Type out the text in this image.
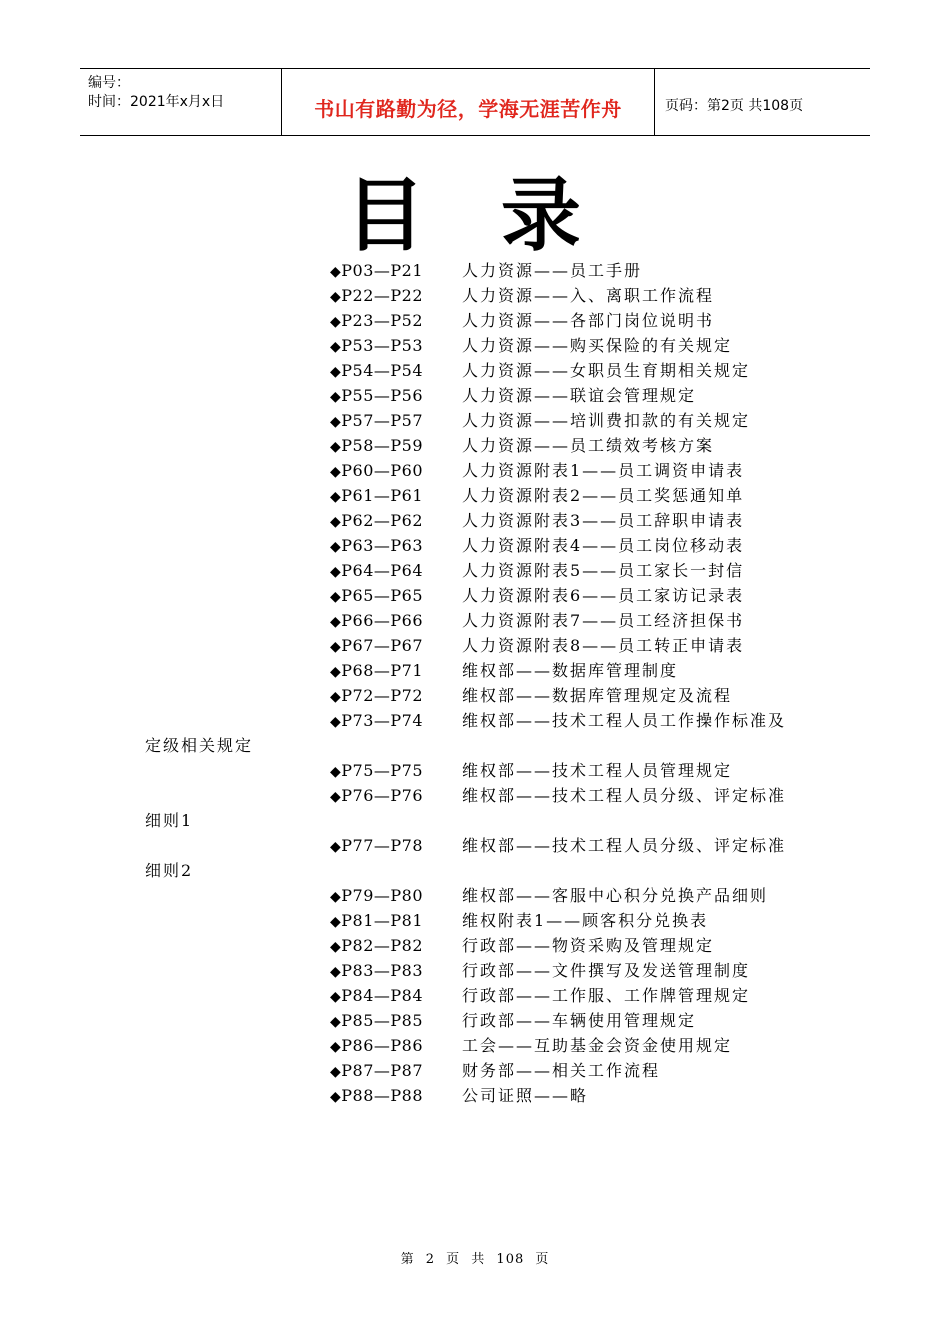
编号：
时间：2021年x月x日	书山有路勤为径，学海无涯苦作舟	页码：第2页 共108页
目 录
◆P03—P21 人力资源——员工手册
◆P22—P22 人力资源——入、离职工作流程
◆P23—P52 人力资源——各部门岗位说明书
◆P53—P53 人力资源——购买保险的有关规定
◆P54—P54 人力资源——女职员生育期相关规定
◆P55—P56 人力资源——联谊会管理规定
◆P57—P57 人力资源——培训费扣款的有关规定
◆P58—P59 人力资源——员工绩效考核方案
◆P60—P60 人力资源附表1——员工调资申请表
◆P61—P61 人力资源附表2——员工奖惩通知单
◆P62—P62 人力资源附表3——员工辞职申请表
◆P63—P63 人力资源附表4——员工岗位移动表
◆P64—P64 人力资源附表5——员工家长一封信
◆P65—P65 人力资源附表6——员工家访记录表
◆P66—P66 人力资源附表7——员工经济担保书
◆P67—P67 人力资源附表8——员工转正申请表
◆P68—P71 维权部——数据库管理制度
◆P72—P72 维权部——数据库管理规定及流程
◆P73—P74 维权部——技术工程人员工作操作标准及
定级相关规定
◆P75—P75 维权部——技术工程人员管理规定
◆P76—P76 维权部——技术工程人员分级、评定标准
细则1
◆P77—P78 维权部——技术工程人员分级、评定标准
细则2
◆P79—P80 维权部——客服中心积分兑换产品细则
◆P81—P81 维权附表1——顾客积分兑换表
◆P82—P82 行政部——物资采购及管理规定
◆P83—P83 行政部——文件撰写及发送管理制度
◆P84—P84 行政部——工作服、工作牌管理规定
◆P85—P85 行政部——车辆使用管理规定
◆P86—P86 工会——互助基金会资金使用规定
◆P87—P87 财务部——相关工作流程
◆P88—P88 公司证照——略
第 2 页 共 108 页
